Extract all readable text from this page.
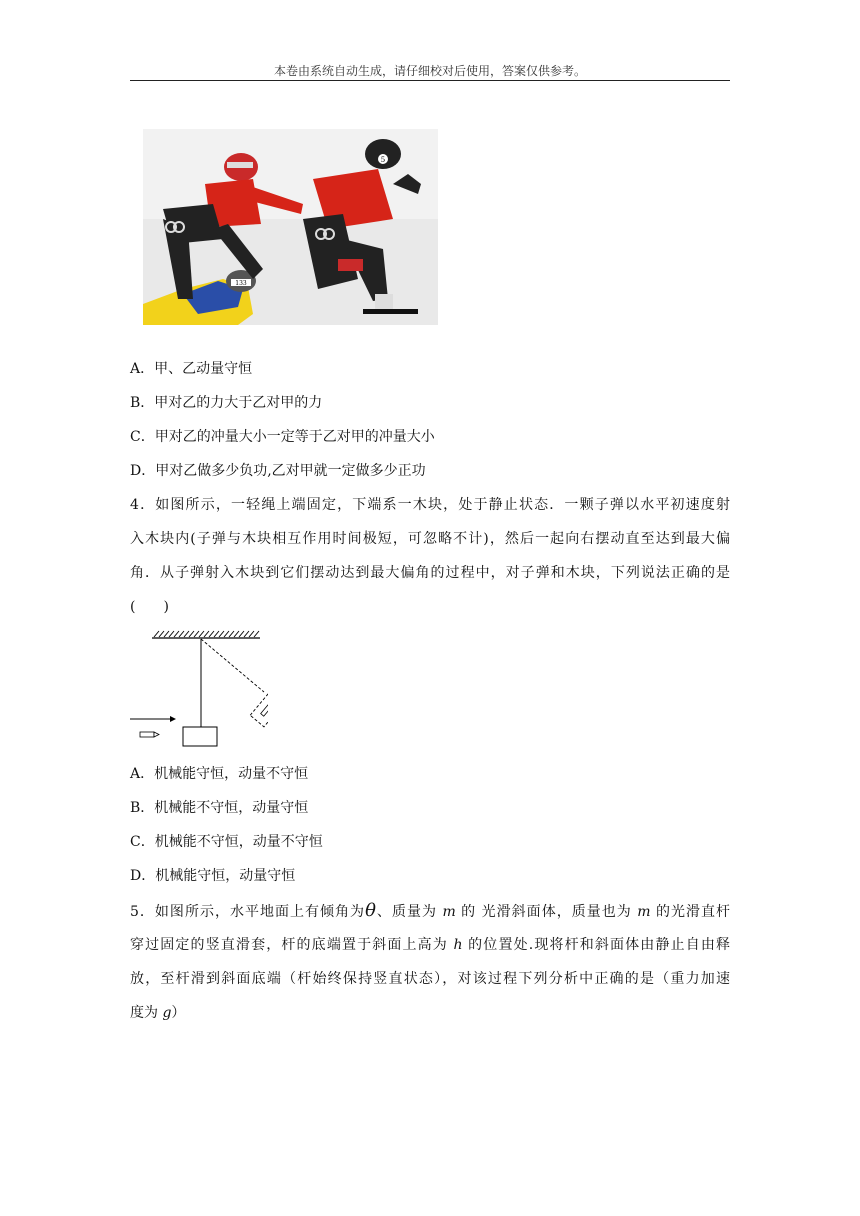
本卷由系统自动生成，请仔细校对后使用，答案仅供参考。
133
5
A．甲、乙动量守恒
B．甲对乙的力大于乙对甲的力
C．甲对乙的冲量大小一定等于乙对甲的冲量大小
D．甲对乙做多少负功,乙对甲就一定做多少正功
4．如图所示，一轻绳上端固定，下端系一木块，处于静止状态．一颗子弹以水平初速度射
入木块内(子弹与木块相互作用时间极短，可忽略不计)，然后一起向右摆动直至达到最大偏
角．从子弹射入木块到它们摆动达到最大偏角的过程中，对子弹和木块，下列说法正确的是
(　　)
A．机械能守恒，动量不守恒
B．机械能不守恒，动量守恒
C．机械能不守恒，动量不守恒
D．机械能守恒，动量守恒
5．如图所示，水平地面上有倾角为θ、质量为 m 的 光滑斜面体，质量也为 m 的光滑直杆
穿过固定的竖直滑套，杆的底端置于斜面上高为 h 的位置处.现将杆和斜面体由静止自由释
放，至杆滑到斜面底端（杆始终保持竖直状态），对该过程下列分析中正确的是（重力加速
度为 g）
